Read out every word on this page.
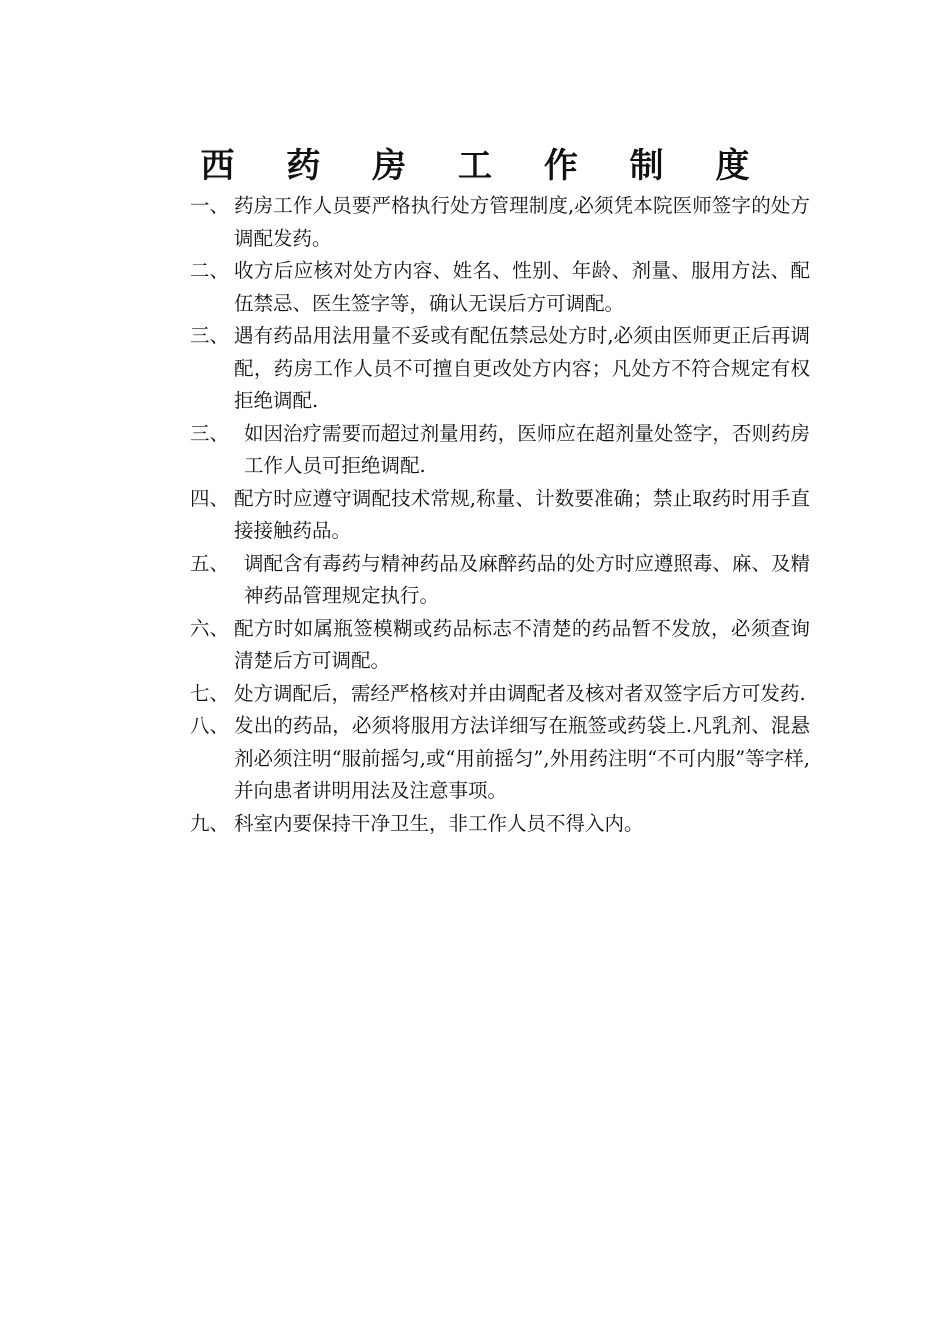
西 药 房 工 作 制 度
一、 药房工作人员要严格执行处方管理制度,必须凭本院医师签字的处方调配发药。
二、 收方后应核对处方内容、姓名、性别、年龄、剂量、服用方法、配伍禁忌、医生签字等，确认无误后方可调配。
三、 遇有药品用法用量不妥或有配伍禁忌处方时,必须由医师更正后再调配，药房工作人员不可擅自更改处方内容；凡处方不符合规定有权拒绝调配.
三、 如因治疗需要而超过剂量用药，医师应在超剂量处签字，否则药房工作人员可拒绝调配.
四、 配方时应遵守调配技术常规,称量、计数要准确；禁止取药时用手直接接触药品。
五、 调配含有毒药与精神药品及麻醉药品的处方时应遵照毒、麻、及精神药品管理规定执行。
六、 配方时如属瓶签模糊或药品标志不清楚的药品暂不发放，必须查询清楚后方可调配。
七、 处方调配后，需经严格核对并由调配者及核对者双签字后方可发药.
八、 发出的药品，必须将服用方法详细写在瓶签或药袋上.凡乳剂、混悬剂必须注明“服前摇匀,或“用前摇匀”,外用药注明“不可内服”等字样,并向患者讲明用法及注意事项。
九、 科室内要保持干净卫生，非工作人员不得入内。
